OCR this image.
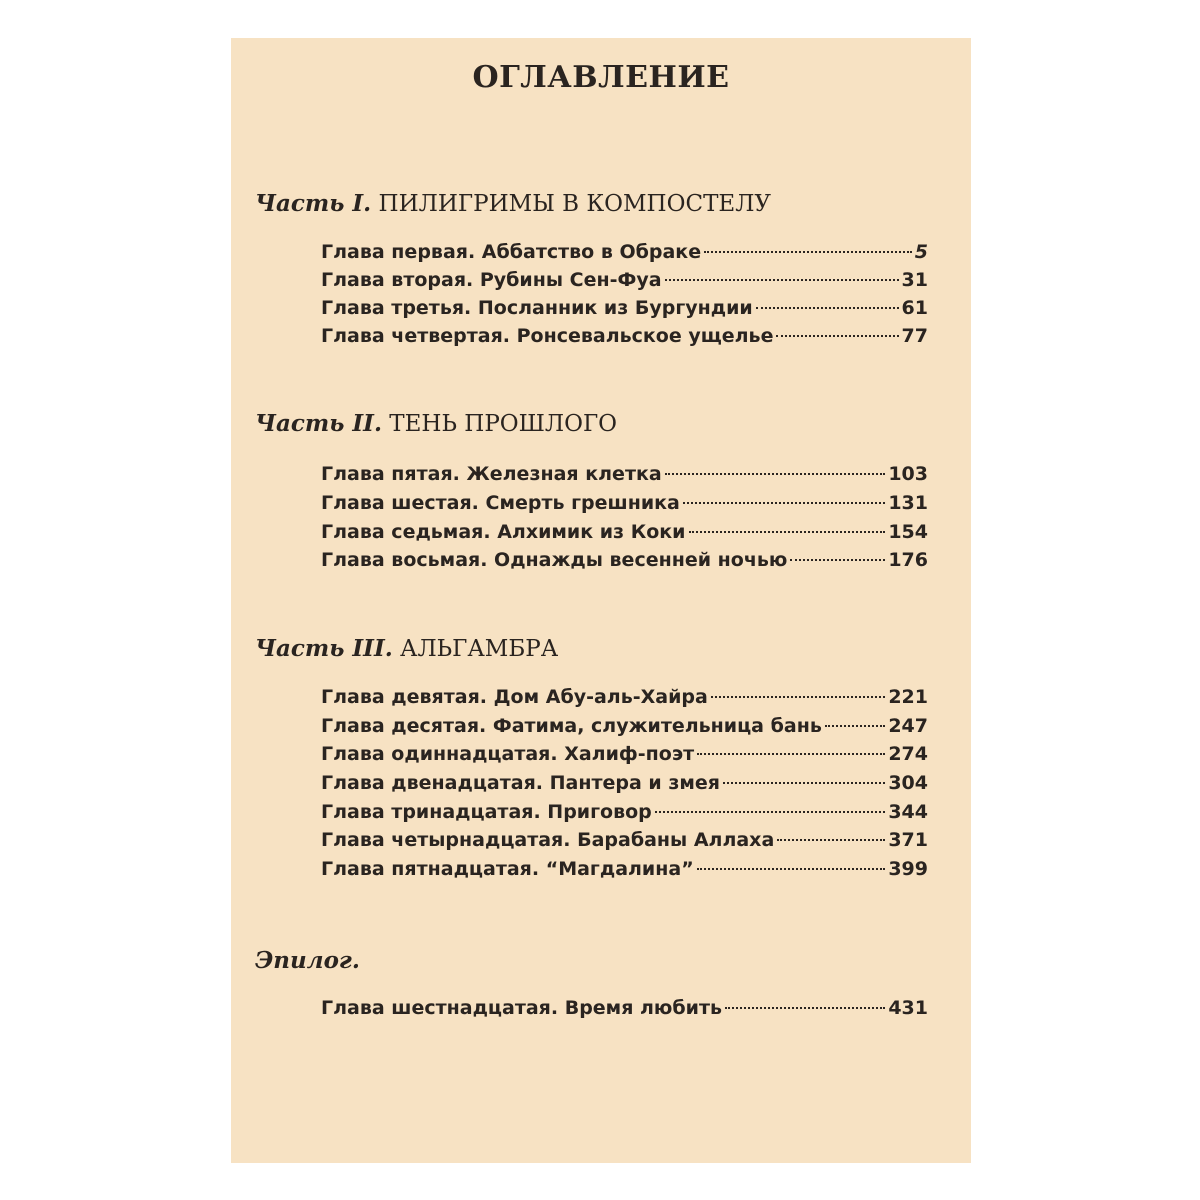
ОГЛАВЛЕНИЕ
Часть I. ПИЛИГРИМЫ В КОМПОСТЕЛУ
Глава первая. Аббатство в Обраке	5
Глава вторая. Рубины Сен-Фуа	31
Глава третья. Посланник из Бургундии	61
Глава четвертая. Ронсевальское ущелье	77
Часть II. ТЕНЬ ПРОШЛОГО
Глава пятая. Железная клетка	103
Глава шестая. Смерть грешника	131
Глава седьмая. Алхимик из Коки	154
Глава восьмая. Однажды весенней ночью	176
Часть III. АЛЬГАМБРА
Глава девятая. Дом Абу-аль-Хайра	221
Глава десятая. Фатима, служительница бань	247
Глава одиннадцатая. Халиф-поэт	274
Глава двенадцатая. Пантера и змея	304
Глава тринадцатая. Приговор	344
Глава четырнадцатая. Барабаны Аллаха	371
Глава пятнадцатая. “Магдалина”	399
Эпилог.
Глава шестнадцатая. Время любить	431
